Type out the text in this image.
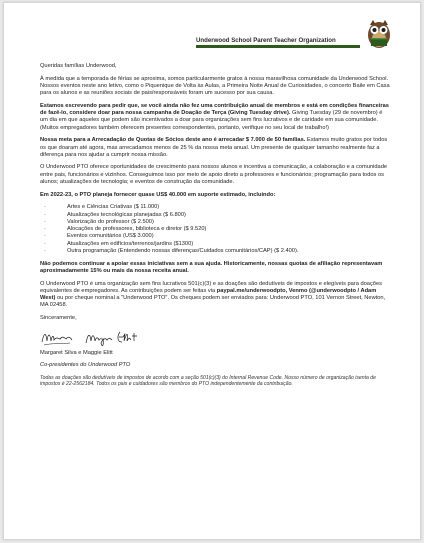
Underwood School Parent Teacher Organization

Queridas famílias Underwood,

À medida que a temporada de férias se aproxima, somos particularmente gratos à nossa maravilhosa comunidade da Underwood School. Nossos eventos neste ano letivo, como o Piquenique de Volta às Aulas, a Primeira Noite Anual de Curiosidades, o concerto Baile em Casa para os alunos e as reuniões sociais de pais/responsáveis foram um sucesso por sua causa.

Estamos escrevendo para pedir que, se você ainda não fez uma contribuição anual de membros e está em condições financeiras de fazê-lo, considere doar para nossa campanha de Doação de Terça (Giving Tuesday drive). Giving Tuesday (29 de novembro) é um dia em que aqueles que podem são incentivados a doar para organizações sem fins lucrativos e de caridade em sua comunidade. (Muitos empregadores também oferecem presentes correspondentes, portanto, verifique no seu local de trabalho!)

Nossa meta para a Arrecadação de Quotas de Sócios deste ano é arrecadar $ 7.000 de 50 famílias. Estamos muito gratos por todos os que doaram até agora, mas arrecadamos menos de 25 % da nossa meta anual. Um presente de qualquer tamanho realmente faz a diferença para nos ajudar a cumprir nossa missão.

O Underwood PTO oferece oportunidades de crescimento para nossos alunos e incentiva a comunicação, a colaboração e a comunidade entre pais, funcionários e vizinhos. Conseguimos isso por meio de apoio direto a professores e funcionários; programação para todos os alunos; atualizações de tecnologia; e eventos de construção da comunidade.

Em 2022-23, o PTO planeja fornecer quase US$ 40.000 em suporte estimado, incluindo:

·	Artes e Ciências Criativas ($ 11.000)
·	Atualizações tecnológicas planejadas ($ 6.800)
·	Valorização do professor ($ 2.500)
·	Alocações de professores, biblioteca e diretor ($ 9.520)
·	Eventos comunitários (US$ 3.000)
·	Atualizações em edifícios/terrenos/jardins ($1300)
·	Outra programação (Entendendo nossas diferenças/Cuidados comunitários/CAP) ($ 2.400).

Não podemos continuar a apoiar essas iniciativas sem a sua ajuda. Historicamente, nossas quotas de afiliação representavam aproximadamente 15% ou mais da nossa receita anual.

O Underwood PTO é uma organização sem fins lucrativos 501(c)(3) e as doações são dedutíveis de impostos e elegíveis para doações equivalentes de empregadores. As contribuições podem ser feitas via paypal.me/underwoodpto, Venmo (@underwoodpto / Adam West) ou por cheque nominal a "Underwood PTO". Os cheques podem ser enviados para: Underwood PTO, 101 Vernon Street, Newton, MA 02458.

Sinceramente,

Margaret Silva e Maggie Elitt

Co-presidentes do Underwood PTO

Todas as doações são dedutíveis de impostos de acordo com a seção 501(c)(3) do Internal Revenue Code. Nosso número de organização isenta de impostos é 22-2562184. Todos os pais e cuidadores são membros do PTO independentemente da contribuição.
